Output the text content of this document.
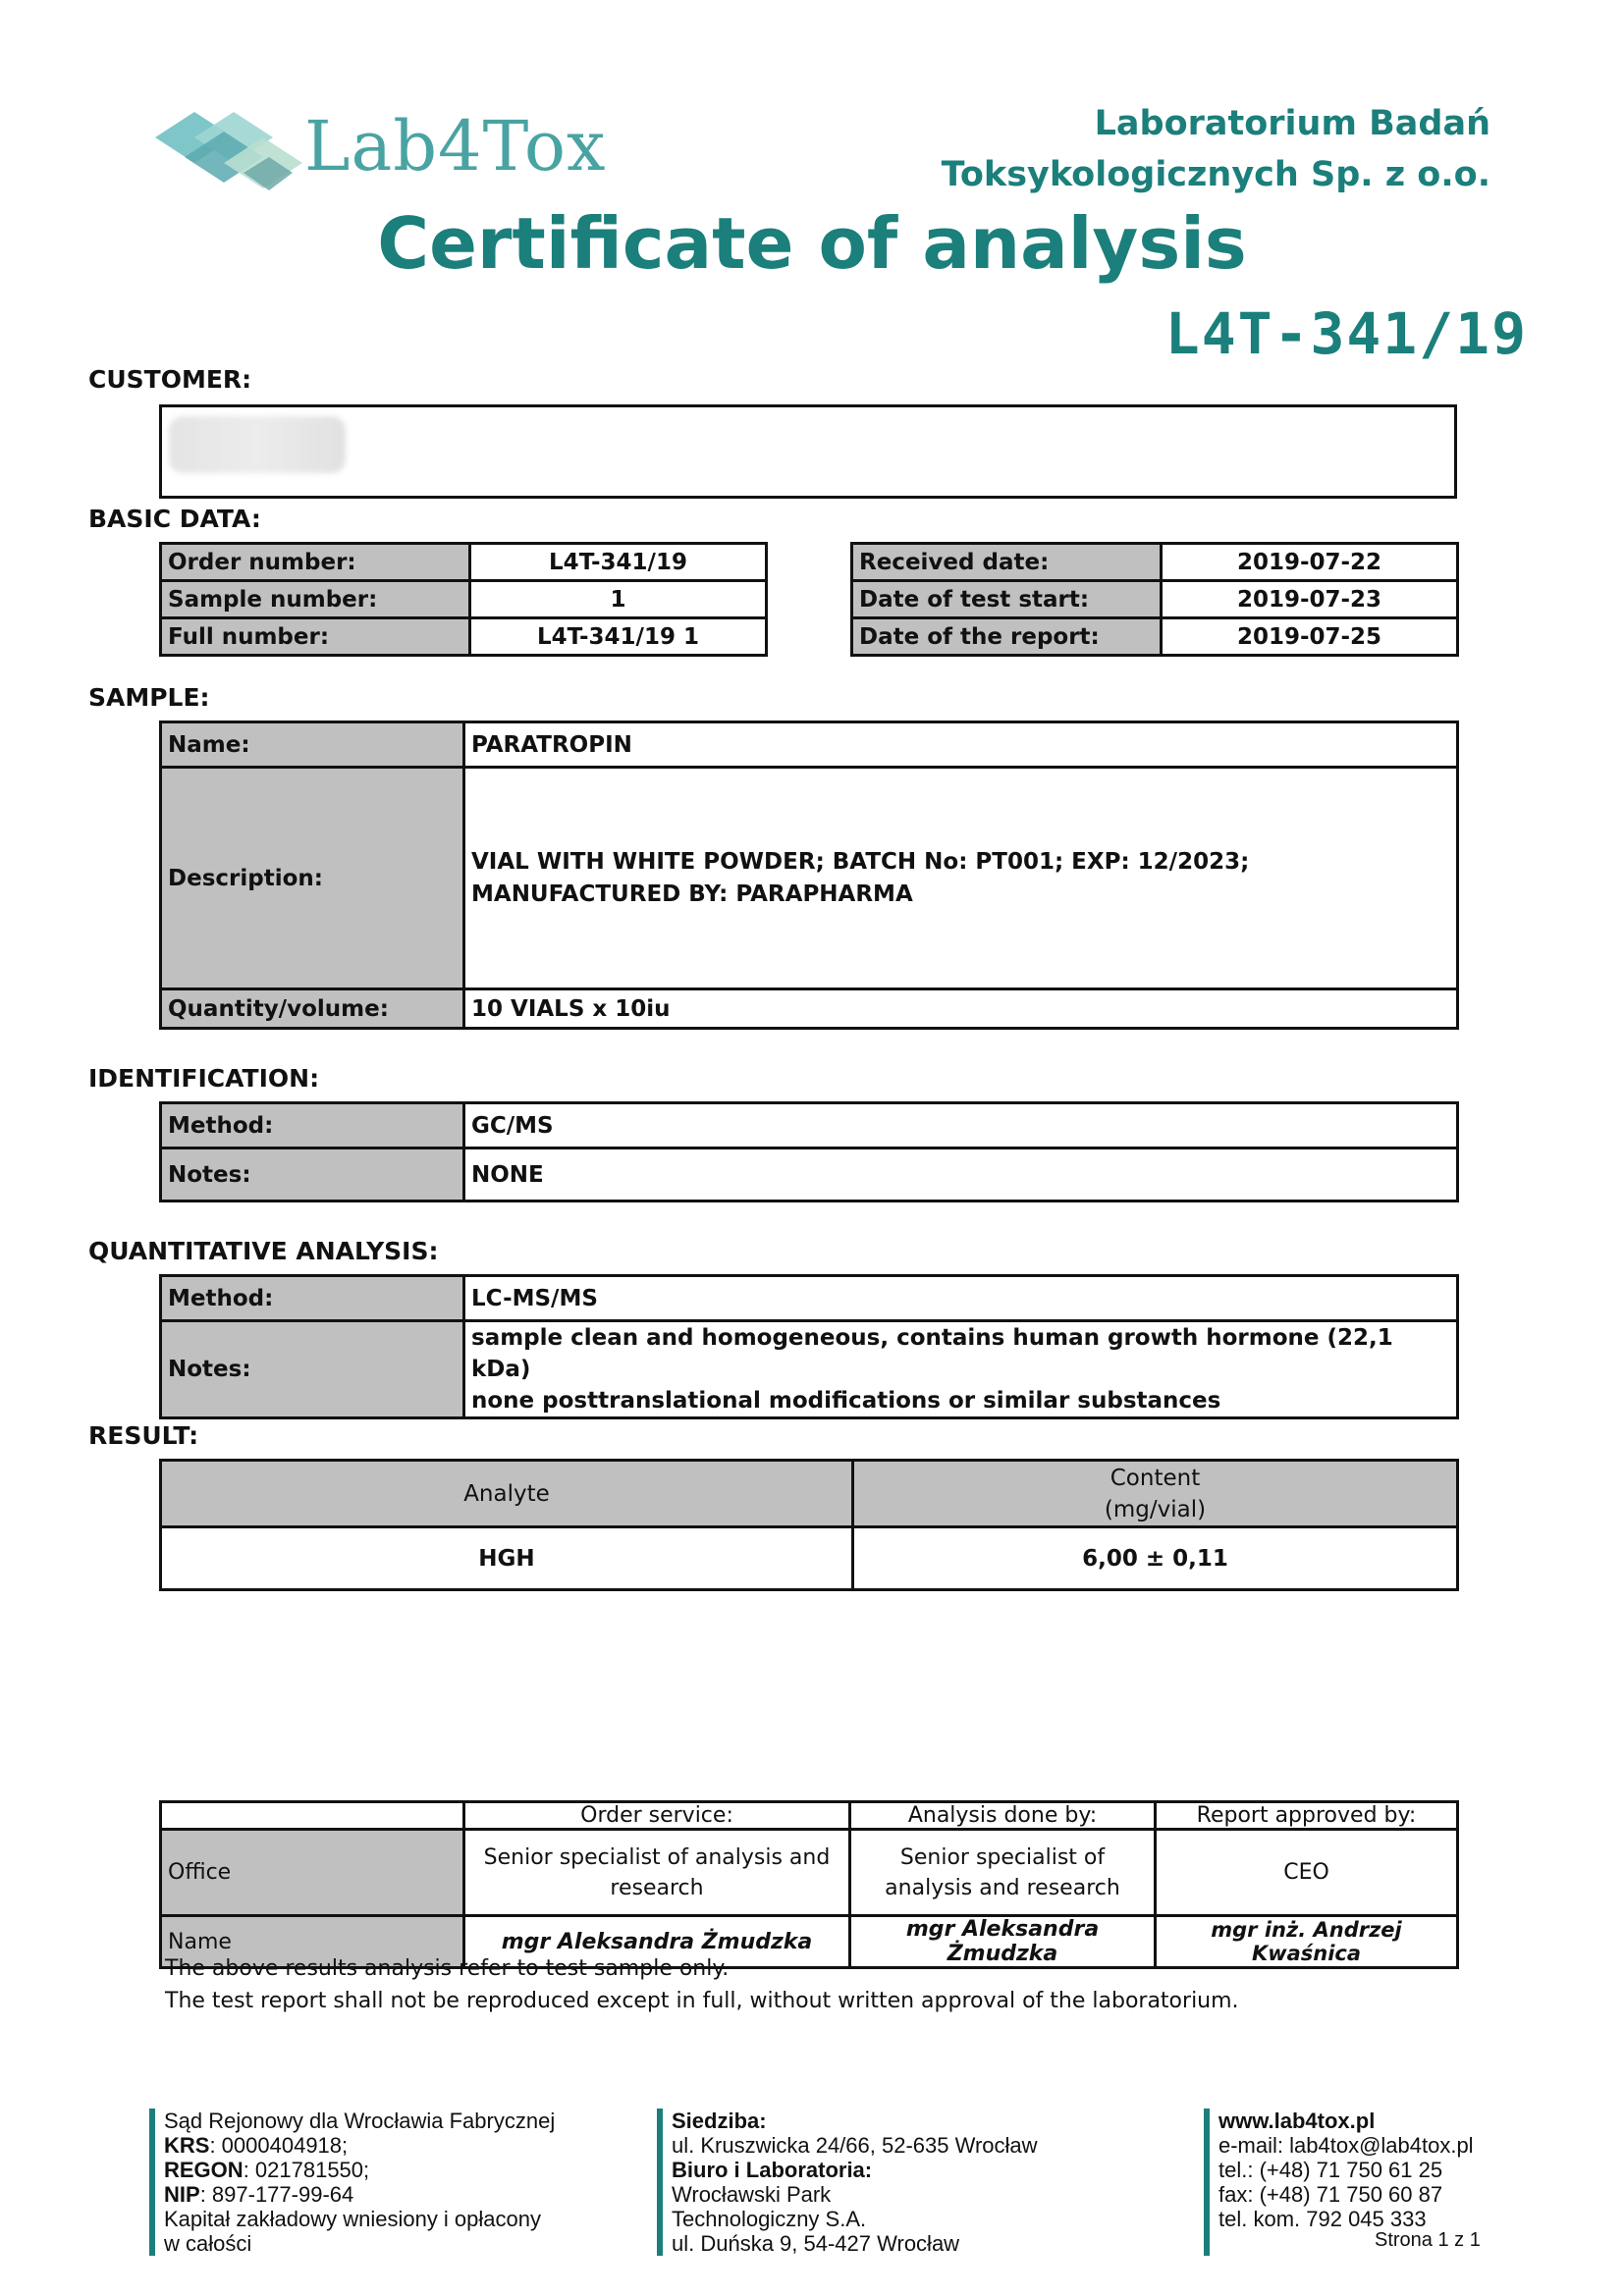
Lab4Tox	Laboratorium Badań
Toksykologicznych Sp. z o.o.
Certificate of analysis
L4T-341/19
CUSTOMER:
BASIC DATA:
Order number:	L4T-341/19
Sample number:	1
Full number:	L4T-341/19 1
Received date:	2019-07-22
Date of test start:	2019-07-23
Date of the report:	2019-07-25
SAMPLE:
Name:	PARATROPIN
Description:	VIAL WITH WHITE POWDER; BATCH No: PT001; EXP: 12/2023; MANUFACTURED BY: PARAPHARMA
Quantity/volume:	10 VIALS x 10iu
IDENTIFICATION:
Method:	GC/MS
Notes:	NONE
QUANTITATIVE ANALYSIS:
Method:	LC-MS/MS
Notes:	sample clean and homogeneous, contains human growth hormone (22,1 kDa)
none posttranslational modifications or similar substances
RESULT:
Analyte	Content
(mg/vial)

HGH	6,00 ± 0,11
	Order service:	Analysis done by:	Report approved by:
Office	Senior specialist of analysis and research	Senior specialist of analysis and research	CEO
Name	mgr Aleksandra Żmudzka	mgr Aleksandra Żmudzka	mgr inż. Andrzej Kwaśnica
The above results analysis refer to test sample only.
The test report shall not be reproduced except in full, without written approval of the laboratorium.
Sąd Rejonowy dla Wrocławia Fabrycznej
KRS: 0000404918;
REGON: 021781550;
NIP: 897-177-99-64
Kapitał zakładowy wniesiony i opłacony
w całości
Siedziba:
ul. Kruszwicka 24/66, 52-635 Wrocław
Biuro i Laboratoria:
Wrocławski Park
Technologiczny S.A.
ul. Duńska 9, 54-427 Wrocław
www.lab4tox.pl
e-mail: lab4tox@lab4tox.pl
tel.: (+48) 71 750 61 25
fax: (+48) 71 750 60 87
tel. kom. 792 045 333
Strona 1 z 1
